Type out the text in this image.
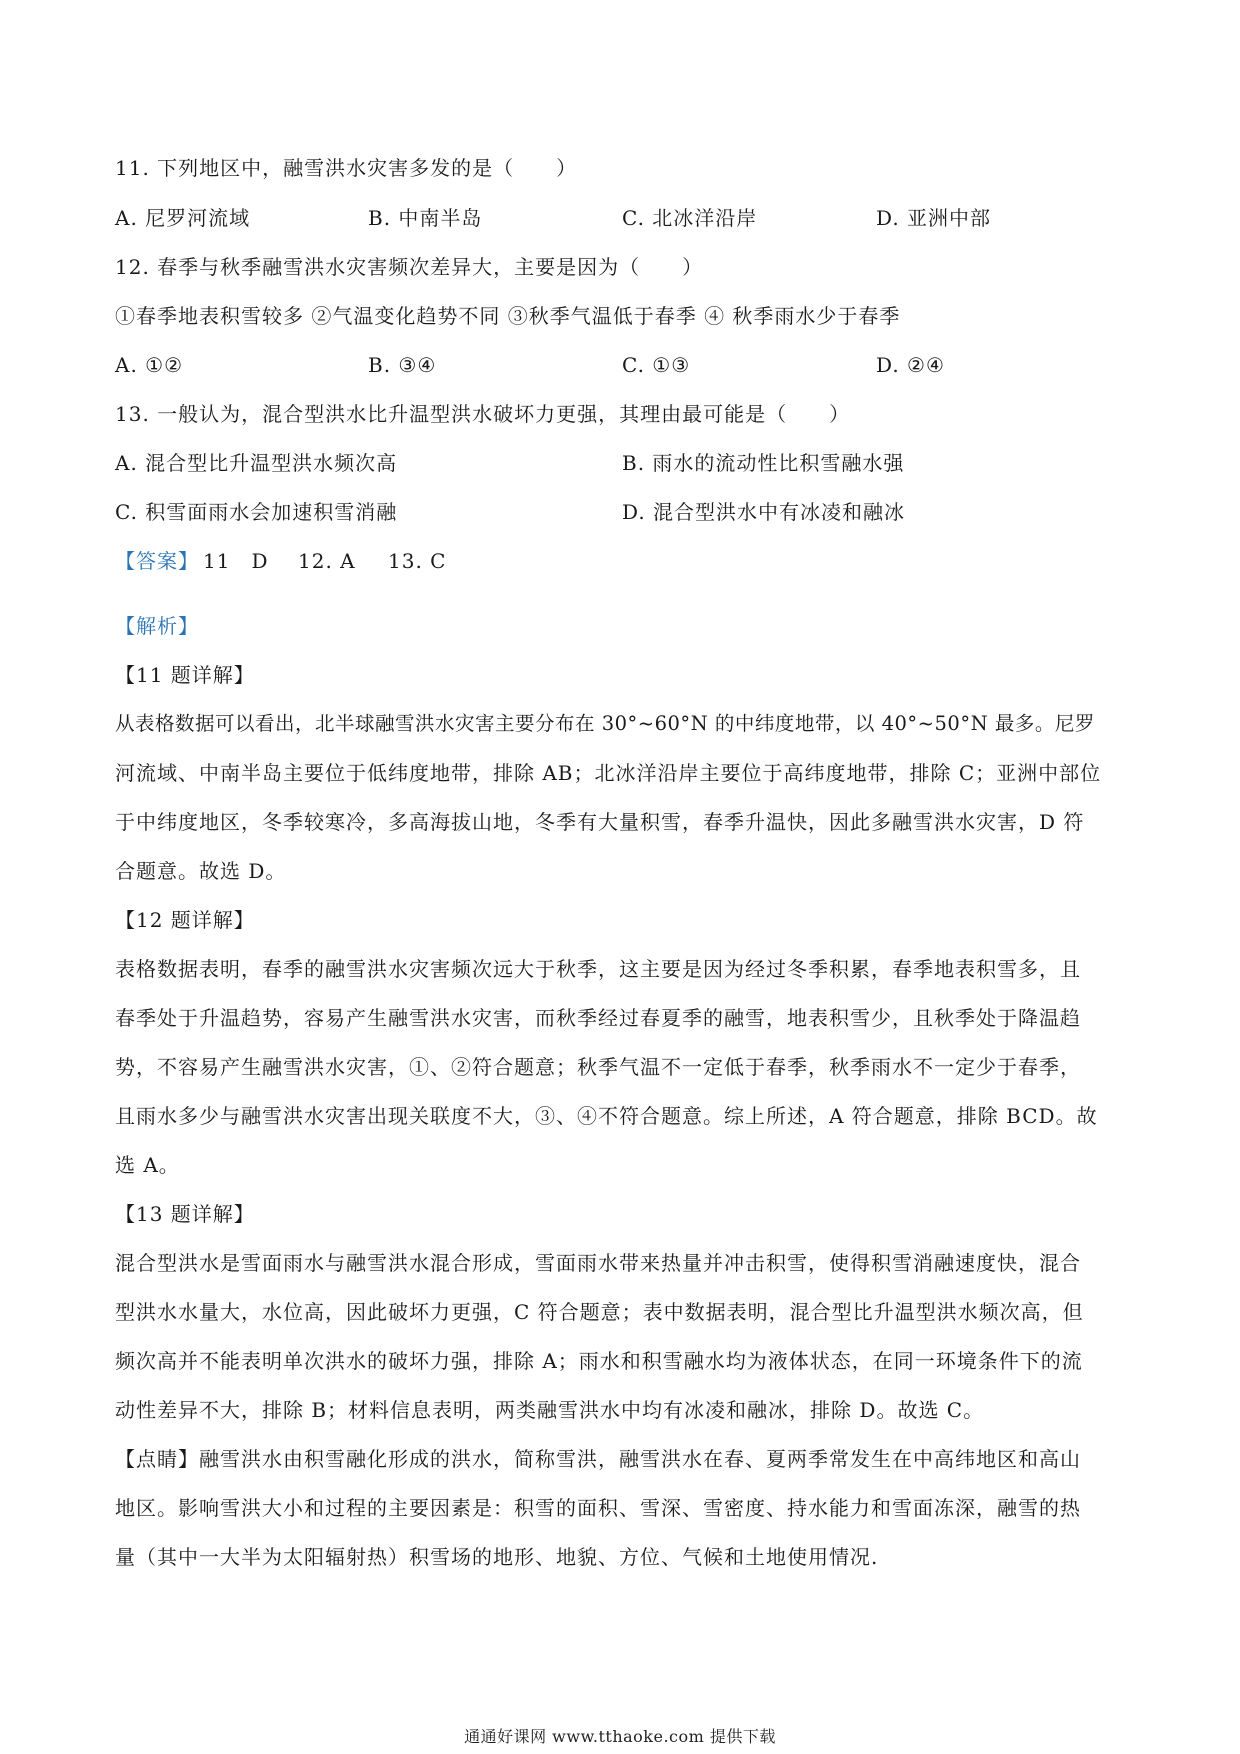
11. 下列地区中，融雪洪水灾害多发的是（　　）
A. 尼罗河流域	B. 中南半岛	C. 北冰洋沿岸	D. 亚洲中部
12. 春季与秋季融雪洪水灾害频次差异大，主要是因为（　　）
①春季地表积雪较多 ②气温变化趋势不同 ③秋季气温低于春季 ④ 秋季雨水少于春季
A. ①②	B. ③④	C. ①③	D. ②④
13. 一般认为，混合型洪水比升温型洪水破坏力更强，其理由最可能是（　　）
A. 混合型比升温型洪水频次高	B. 雨水的流动性比积雪融水强
C. 积雪面雨水会加速积雪消融	D. 混合型洪水中有冰凌和融冰
【答案】 11　D 12. A 13. C
【解析】
【11 题详解】
从表格数据可以看出，北半球融雪洪水灾害主要分布在 30°~60°N 的中纬度地带，以 40°~50°N 最多。尼罗
河流域、中南半岛主要位于低纬度地带，排除 AB；北冰洋沿岸主要位于高纬度地带，排除 C；亚洲中部位
于中纬度地区，冬季较寒冷，多高海拔山地，冬季有大量积雪，春季升温快，因此多融雪洪水灾害，D 符
合题意。故选 D。
【12 题详解】
表格数据表明，春季的融雪洪水灾害频次远大于秋季，这主要是因为经过冬季积累，春季地表积雪多，且
春季处于升温趋势，容易产生融雪洪水灾害，而秋季经过春夏季的融雪，地表积雪少，且秋季处于降温趋
势，不容易产生融雪洪水灾害，①、②符合题意；秋季气温不一定低于春季，秋季雨水不一定少于春季，
且雨水多少与融雪洪水灾害出现关联度不大，③、④不符合题意。综上所述，A 符合题意，排除 BCD。故
选 A。
【13 题详解】
混合型洪水是雪面雨水与融雪洪水混合形成，雪面雨水带来热量并冲击积雪，使得积雪消融速度快，混合
型洪水水量大，水位高，因此破坏力更强，C 符合题意；表中数据表明，混合型比升温型洪水频次高，但
频次高并不能表明单次洪水的破坏力强，排除 A；雨水和积雪融水均为液体状态，在同一环境条件下的流
动性差异不大，排除 B；材料信息表明，两类融雪洪水中均有冰凌和融冰，排除 D。故选 C。
【点睛】融雪洪水由积雪融化形成的洪水，简称雪洪，融雪洪水在春、夏两季常发生在中高纬地区和高山
地区。影响雪洪大小和过程的主要因素是：积雪的面积、雪深、雪密度、持水能力和雪面冻深，融雪的热
量（其中一大半为太阳辐射热）积雪场的地形、地貌、方位、气候和土地使用情况.
通通好课网 www.tthaoke.com 提供下载
